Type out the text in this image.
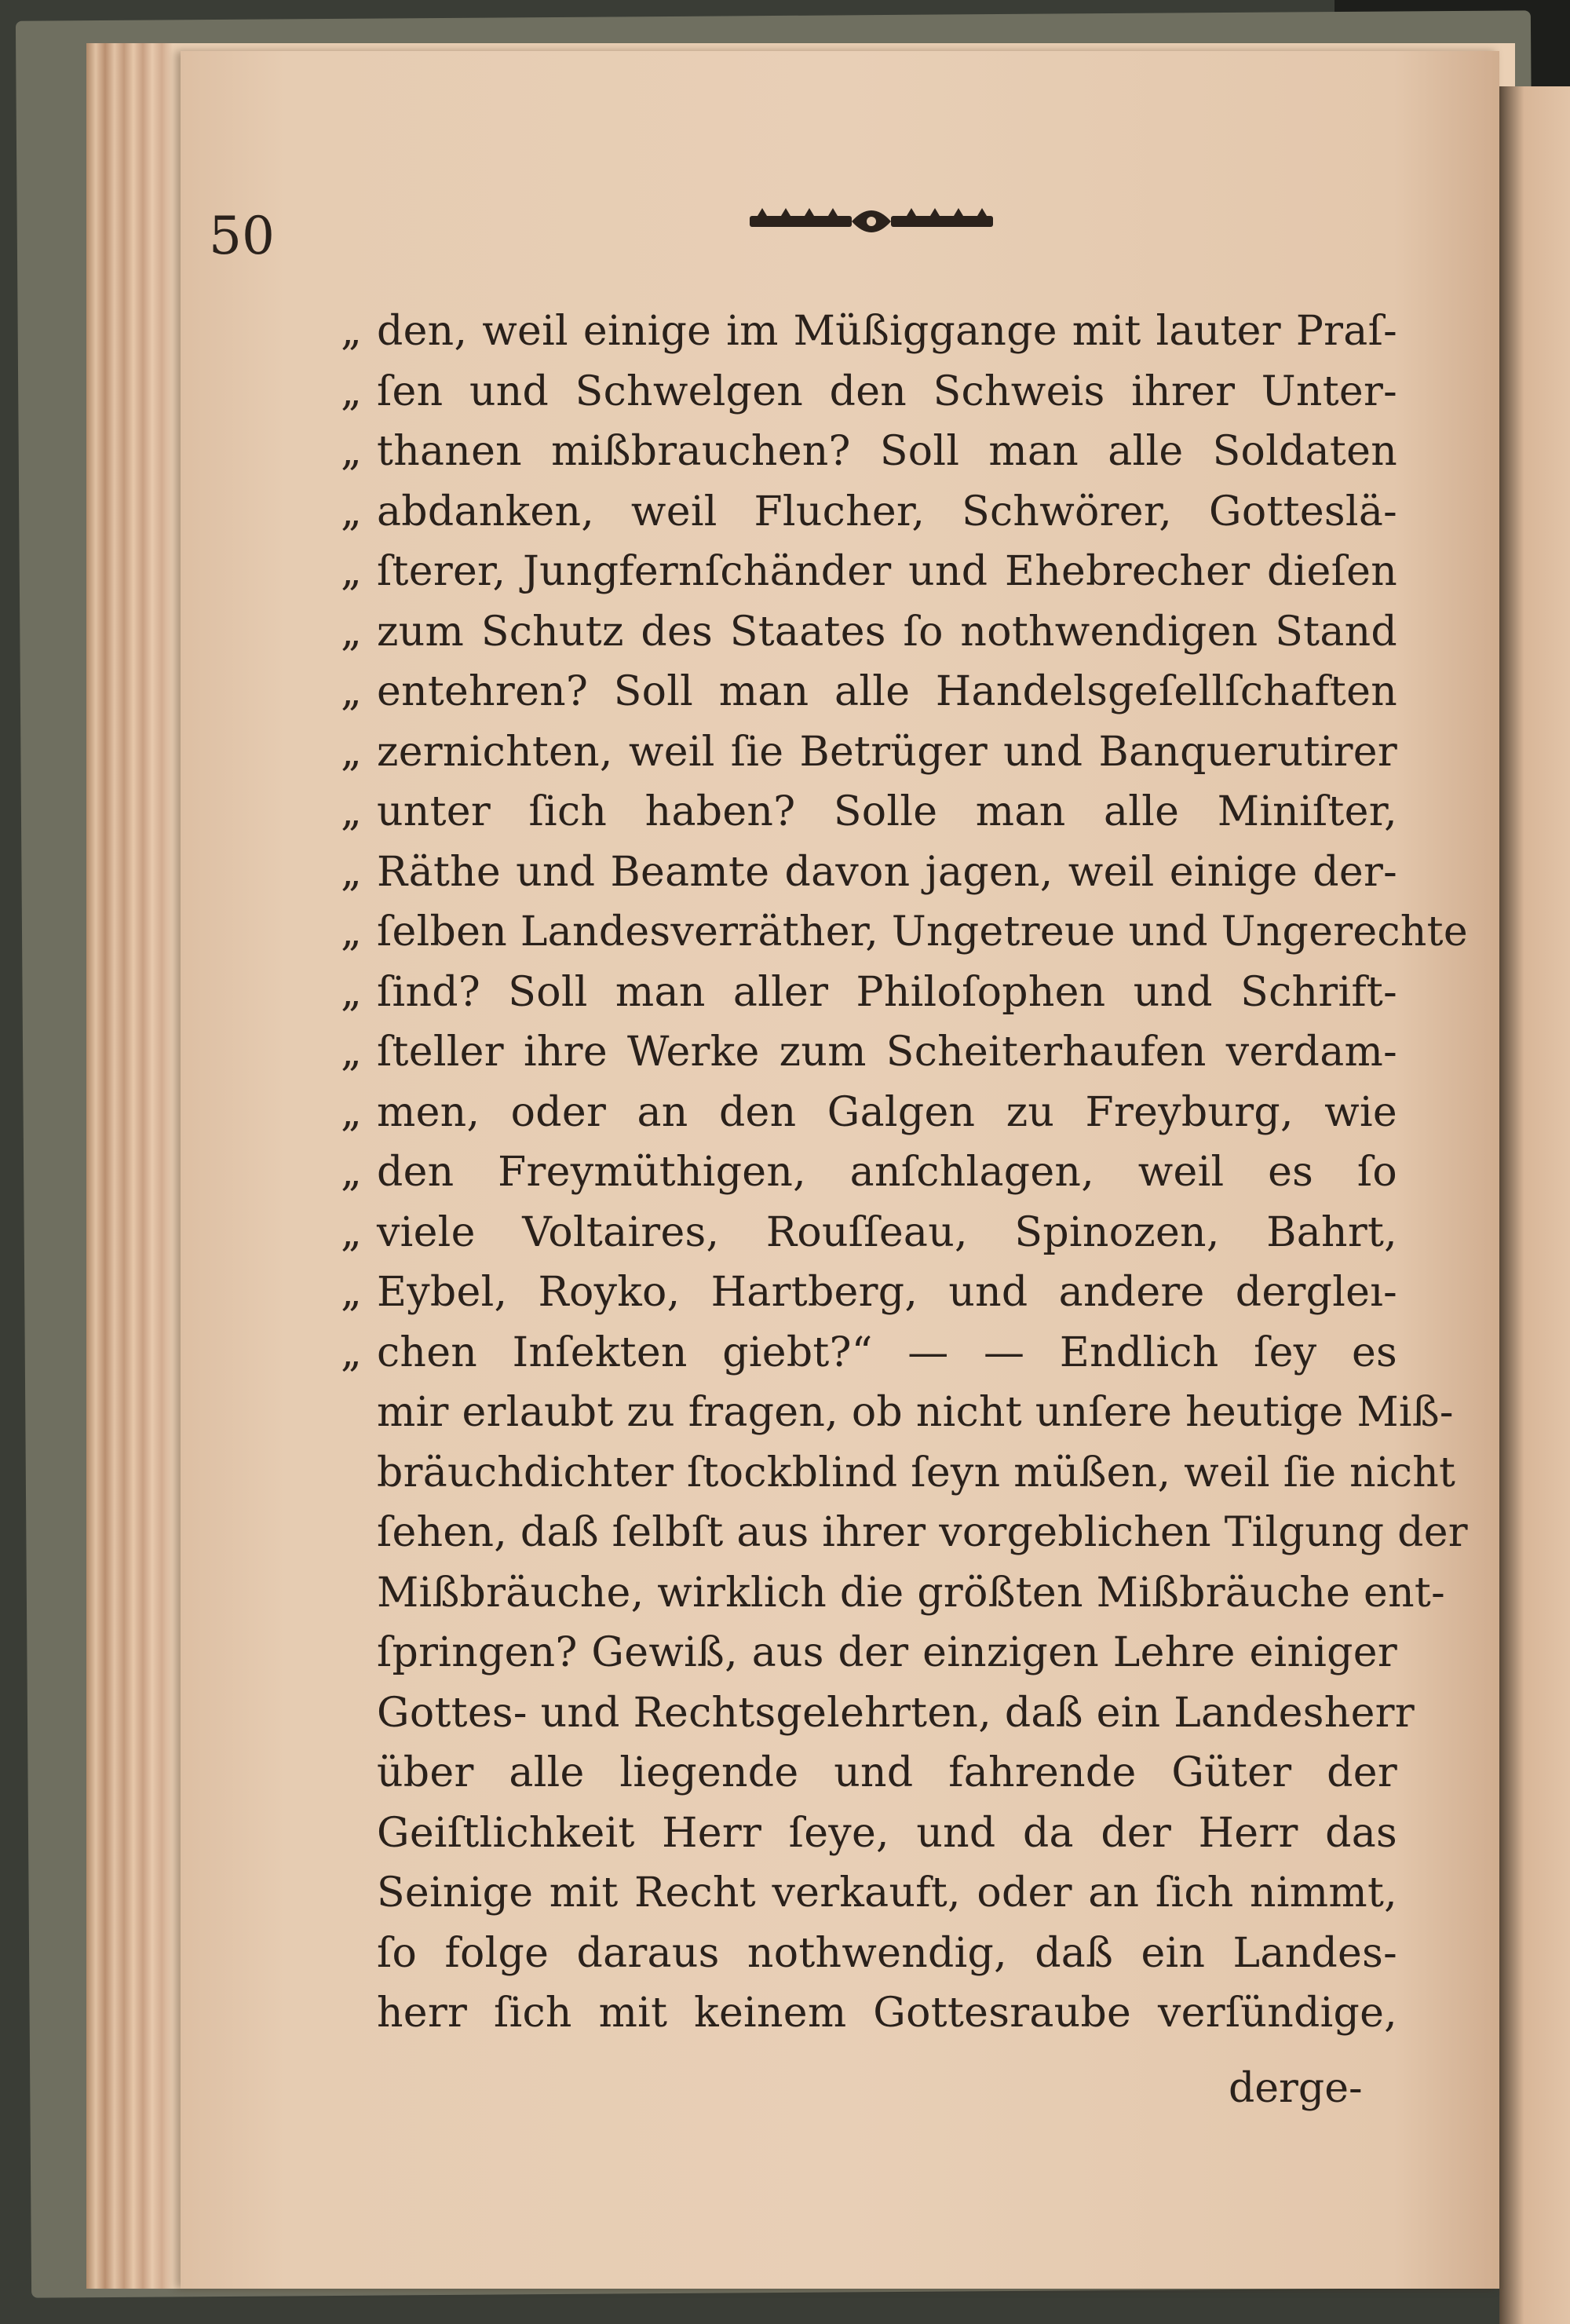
50
„ den, weil einige im Müßiggange mit lauter Praſ-
„ ſen und Schwelgen den Schweis ihrer Unter-
„ thanen mißbrauchen? Soll man alle Soldaten
„ abdanken, weil Flucher, Schwörer, Gotteslä-
„ ſterer, Jungfernſchänder und Ehebrecher dieſen
„ zum Schutz des Staates ſo nothwendigen Stand
„ entehren? Soll man alle Handelsgeſellſchaften
„ zernichten, weil ſie Betrüger und Banquerutirer
„ unter ſich haben? Solle man alle Miniſter,
„ Räthe und Beamte davon jagen, weil einige der-
„ ſelben Landesverräther, Ungetreue und Ungerechte
„ ſind? Soll man aller Philoſophen und Schrift-
„ ſteller ihre Werke zum Scheiterhaufen verdam-
„ men, oder an den Galgen zu Freyburg, wie
„ den Freymüthigen, anſchlagen, weil es ſo
„ viele Voltaires, Rouſſeau, Spinozen, Bahrt,
„ Eybel, Royko, Hartberg, und andere dergleı-
„ chen Inſekten giebt?“ — — Endlich ſey es
mir erlaubt zu fragen, ob nicht unſere heutige Miß-
bräuchdichter ſtockblind ſeyn müßen, weil ſie nicht
ſehen, daß ſelbſt aus ihrer vorgeblichen Tilgung der
Mißbräuche, wirklich die größten Mißbräuche ent-
ſpringen? Gewiß, aus der einzigen Lehre einiger
Gottes- und Rechtsgelehrten, daß ein Landesherr
über alle liegende und fahrende Güter der
Geiſtlichkeit Herr ſeye, und da der Herr das
Seinige mit Recht verkauft, oder an ſich nimmt,
ſo folge daraus nothwendig, daß ein Landes-
herr ſich mit keinem Gottesraube verſündige,
derge-
